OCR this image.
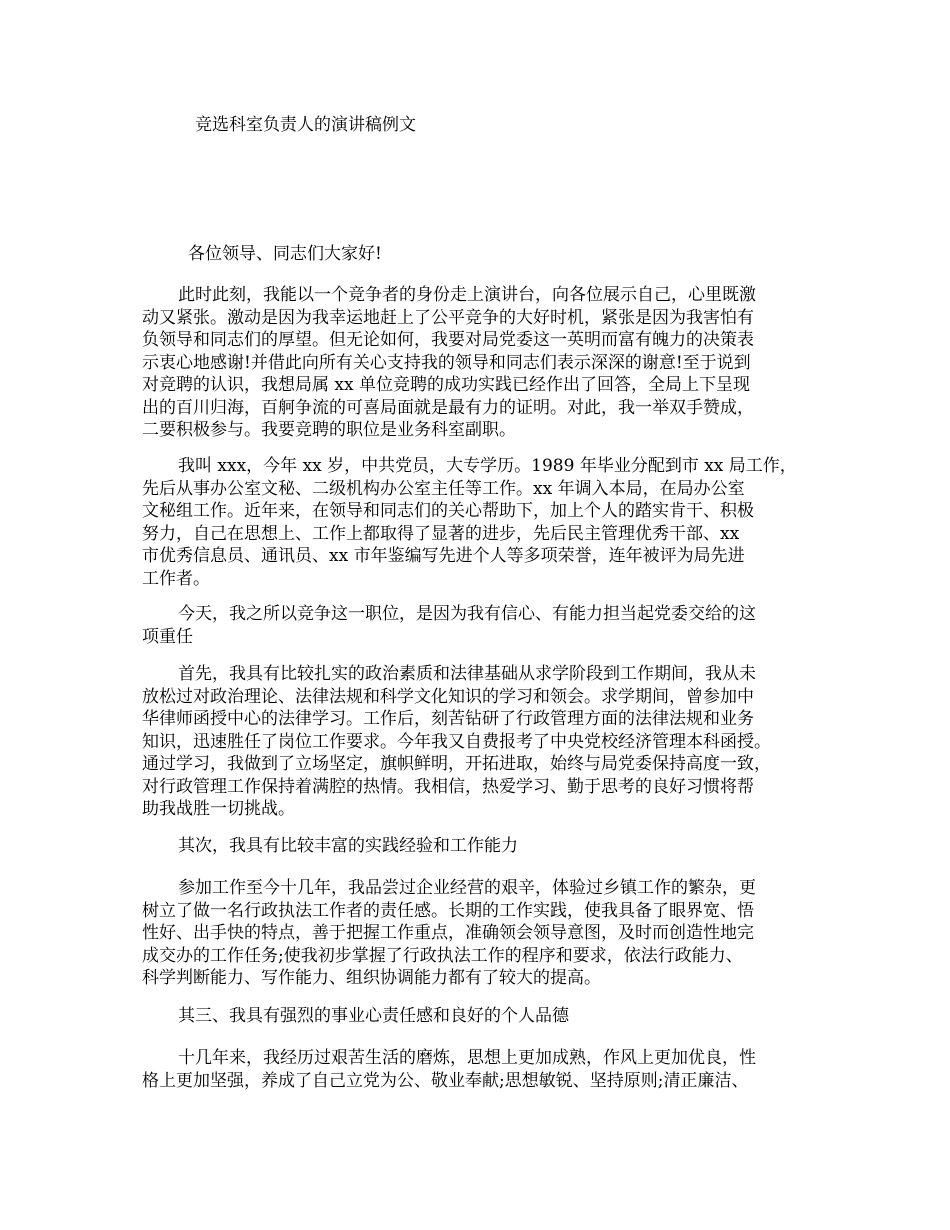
竞选科室负责人的演讲稿例文
各位领导、同志们大家好!
此时此刻，我能以一个竞争者的身份走上演讲台，向各位展示自己，心里既激
动又紧张。激动是因为我幸运地赶上了公平竞争的大好时机，紧张是因为我害怕有
负领导和同志们的厚望。但无论如何，我要对局党委这一英明而富有魄力的决策表
示衷心地感谢!并借此向所有关心支持我的领导和同志们表示深深的谢意!至于说到
对竞聘的认识，我想局属 xx 单位竞聘的成功实践已经作出了回答，全局上下呈现
出的百川归海，百舸争流的可喜局面就是最有力的证明。对此，我一举双手赞成，
二要积极参与。我要竞聘的职位是业务科室副职。
我叫 xxx，今年 xx 岁，中共党员，大专学历。1989 年毕业分配到市 xx 局工作，
先后从事办公室文秘、二级机构办公室主任等工作。xx 年调入本局，在局办公室
文秘组工作。近年来，在领导和同志们的关心帮助下，加上个人的踏实肯干、积极
努力，自己在思想上、工作上都取得了显著的进步，先后民主管理优秀干部、xx
市优秀信息员、通讯员、xx 市年鉴编写先进个人等多项荣誉，连年被评为局先进
工作者。
今天，我之所以竞争这一职位，是因为我有信心、有能力担当起党委交给的这
项重任
首先，我具有比较扎实的政治素质和法律基础从求学阶段到工作期间，我从未
放松过对政治理论、法律法规和科学文化知识的学习和领会。求学期间，曾参加中
华律师函授中心的法律学习。工作后，刻苦钻研了行政管理方面的法律法规和业务
知识，迅速胜任了岗位工作要求。今年我又自费报考了中央党校经济管理本科函授。
通过学习，我做到了立场坚定，旗帜鲜明，开拓进取，始终与局党委保持高度一致，
对行政管理工作保持着满腔的热情。我相信，热爱学习、勤于思考的良好习惯将帮
助我战胜一切挑战。
其次，我具有比较丰富的实践经验和工作能力
参加工作至今十几年，我品尝过企业经营的艰辛，体验过乡镇工作的繁杂，更
树立了做一名行政执法工作者的责任感。长期的工作实践，使我具备了眼界宽、悟
性好、出手快的特点，善于把握工作重点，准确领会领导意图，及时而创造性地完
成交办的工作任务;使我初步掌握了行政执法工作的程序和要求，依法行政能力、
科学判断能力、写作能力、组织协调能力都有了较大的提高。
其三、我具有强烈的事业心责任感和良好的个人品德
十几年来，我经历过艰苦生活的磨炼，思想上更加成熟，作风上更加优良，性
格上更加坚强，养成了自己立党为公、敬业奉献;思想敏锐、坚持原则;清正廉洁、
